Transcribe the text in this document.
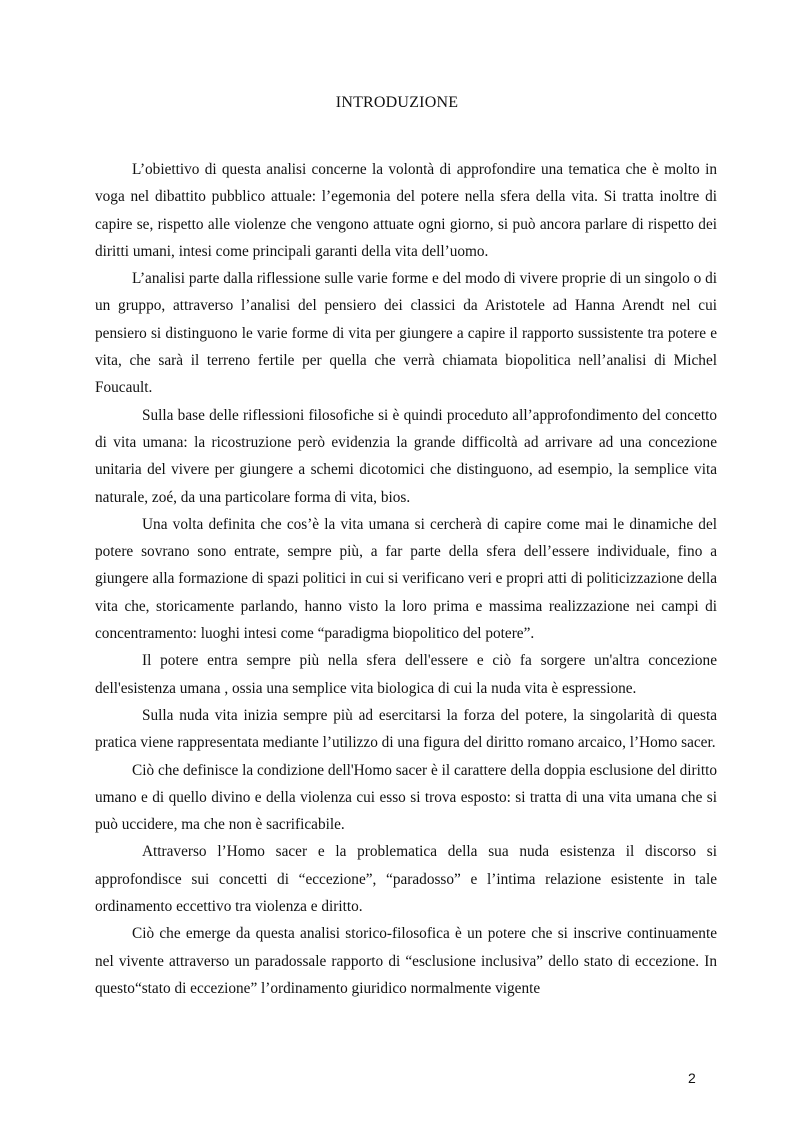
INTRODUZIONE

L’obiettivo di questa analisi concerne la volontà di approfondire una tematica che è molto in voga nel dibattito pubblico attuale: l’egemonia del potere nella sfera della vita. Si tratta inoltre di capire se, rispetto alle violenze che vengono attuate ogni giorno, si può ancora parlare di rispetto dei diritti umani, intesi come principali garanti della vita dell’uomo.

L’analisi parte dalla riflessione sulle varie forme e del modo di vivere proprie di un singolo o di un gruppo, attraverso l’analisi del pensiero dei classici da Aristotele ad Hanna Arendt nel cui pensiero si distinguono le varie forme di vita per giungere a capire il rapporto sussistente tra potere e vita, che sarà il terreno fertile per quella che verrà chiamata biopolitica nell’analisi di Michel Foucault.

Sulla base delle riflessioni filosofiche si è quindi proceduto all’approfondimento del concetto di vita umana: la ricostruzione però evidenzia la grande difficoltà ad arrivare ad una concezione unitaria del vivere per giungere a schemi dicotomici che distinguono, ad esempio, la semplice vita naturale, zoé, da una particolare forma di vita, bios.

Una volta definita che cos’è la vita umana si cercherà di capire come mai le dinamiche del potere sovrano sono entrate, sempre più, a far parte della sfera dell’essere individuale, fino a giungere alla formazione di spazi politici in cui si verificano veri e propri atti di politicizzazione della vita che, storicamente parlando, hanno visto la loro prima e massima realizzazione nei campi di concentramento: luoghi intesi come “paradigma biopolitico del potere”.

Il potere entra sempre più nella sfera dell'essere e ciò fa sorgere un'altra concezione dell'esistenza umana , ossia una semplice vita biologica di cui la nuda vita è espressione.

Sulla nuda vita inizia sempre più ad esercitarsi la forza del potere, la singolarità di questa pratica viene rappresentata mediante l’utilizzo di una figura del diritto romano arcaico, l’Homo sacer.

Ciò che definisce la condizione dell'Homo sacer è il carattere della doppia esclusione del diritto umano e di quello divino e della violenza cui esso si trova esposto: si tratta di una vita umana che si può uccidere, ma che non è sacrificabile.

Attraverso l’Homo sacer e la problematica della sua nuda esistenza il discorso si approfondisce sui concetti di “eccezione”, “paradosso” e l’intima relazione esistente in tale ordinamento eccettivo tra violenza e diritto.

Ciò che emerge da questa analisi storico-filosofica è un potere che si inscrive continuamente nel vivente attraverso un paradossale rapporto di “esclusione inclusiva” dello stato di eccezione. In questo“stato di eccezione” l’ordinamento giuridico normalmente vigente

2
